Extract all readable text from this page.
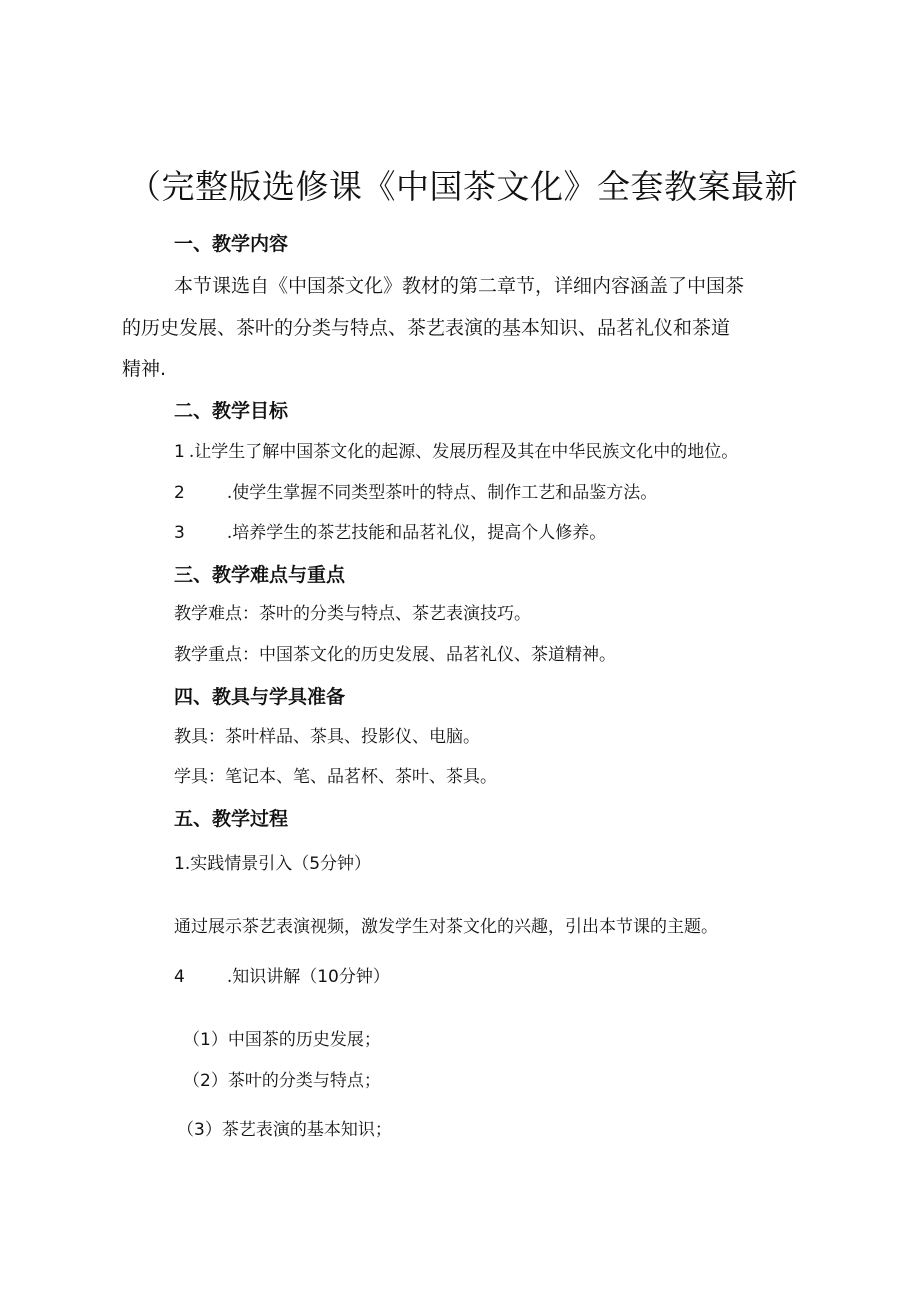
（完整版选修课《中国茶文化》全套教案最新
一、教学内容
本节课选自《中国茶文化》教材的第二章节，详细内容涵盖了中国茶
的历史发展、茶叶的分类与特点、茶艺表演的基本知识、品茗礼仪和茶道
精神.
二、教学目标
1 .让学生了解中国茶文化的起源、发展历程及其在中华民族文化中的地位。
2 .使学生掌握不同类型茶叶的特点、制作工艺和品鉴方法。
3 .培养学生的茶艺技能和品茗礼仪，提高个人修养。
三、教学难点与重点
教学难点：茶叶的分类与特点、茶艺表演技巧。
教学重点：中国茶文化的历史发展、品茗礼仪、茶道精神。
四、教具与学具准备
教具：茶叶样品、茶具、投影仪、电脑。
学具：笔记本、笔、品茗杯、茶叶、茶具。
五、教学过程
1.实践情景引入（5分钟）
通过展示茶艺表演视频，激发学生对茶文化的兴趣，引出本节课的主题。
4 .知识讲解（10分钟）
（1）中国茶的历史发展；
（2）茶叶的分类与特点；
（3）茶艺表演的基本知识；
